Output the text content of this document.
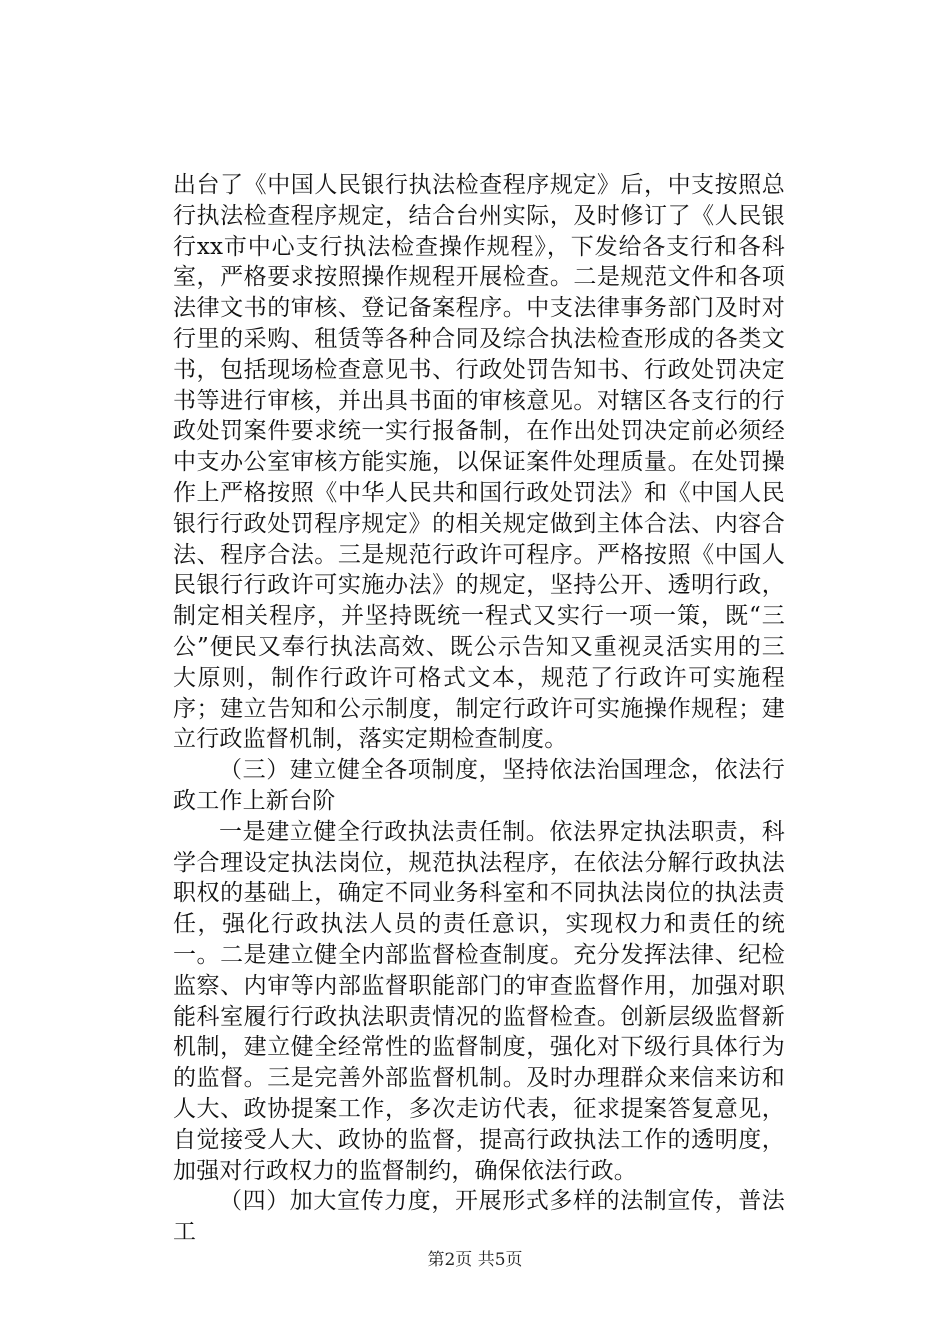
出台了《中国人民银行执法检查程序规定》后，中支按照总行执法检查程序规定，结合台州实际，及时修订了《人民银行xx市中心支行执法检查操作规程》，下发给各支行和各科室，严格要求按照操作规程开展检查。二是规范文件和各项法律文书的审核、登记备案程序。中支法律事务部门及时对行里的采购、租赁等各种合同及综合执法检查形成的各类文书，包括现场检查意见书、行政处罚告知书、行政处罚决定书等进行审核，并出具书面的审核意见。对辖区各支行的行政处罚案件要求统一实行报备制，在作出处罚决定前必须经中支办公室审核方能实施，以保证案件处理质量。在处罚操作上严格按照《中华人民共和国行政处罚法》和《中国人民银行行政处罚程序规定》的相关规定做到主体合法、内容合法、程序合法。三是规范行政许可程序。严格按照《中国人民银行行政许可实施办法》的规定，坚持公开、透明行政，制定相关程序，并坚持既统一程式又实行一项一策，既“三公”便民又奉行执法高效、既公示告知又重视灵活实用的三大原则，制作行政许可格式文本，规范了行政许可实施程序；建立告知和公示制度，制定行政许可实施操作规程；建立行政监督机制，落实定期检查制度。

（三）建立健全各项制度，坚持依法治国理念，依法行政工作上新台阶

一是建立健全行政执法责任制。依法界定执法职责，科学合理设定执法岗位，规范执法程序，在依法分解行政执法职权的基础上，确定不同业务科室和不同执法岗位的执法责任，强化行政执法人员的责任意识，实现权力和责任的统一。二是建立健全内部监督检查制度。充分发挥法律、纪检监察、内审等内部监督职能部门的审查监督作用，加强对职能科室履行行政执法职责情况的监督检查。创新层级监督新机制，建立健全经常性的监督制度，强化对下级行具体行为的监督。三是完善外部监督机制。及时办理群众来信来访和人大、政协提案工作，多次走访代表，征求提案答复意见，自觉接受人大、政协的监督，提高行政执法工作的透明度，加强对行政权力的监督制约，确保依法行政。

（四）加大宣传力度，开展形式多样的法制宣传，普法工

第2页 共5页
